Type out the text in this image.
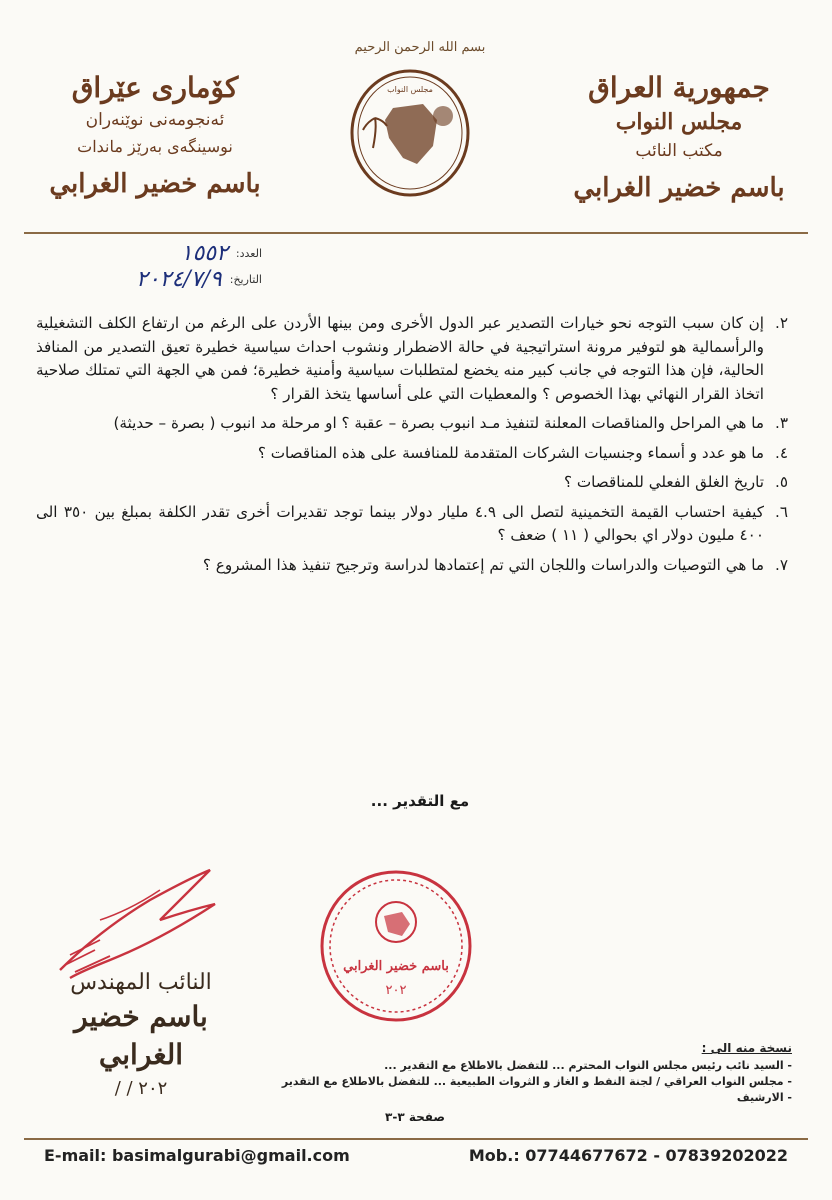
بسم الله الرحمن الرحيم
جمهورية العراق
مجلس النواب
مكتب النائب
باسم خضير الغرابي
كۆماری عێراق
ئەنجومەنی نوێنەران
نوسینگەی بەرێز ماندات
باسم خضير الغرابي
مجلس النواب
العدد:
١٥٥٢
التاريخ:
٢٠٢٤/٧/٩
٢.
إن كان سبب التوجه نحو خيارات التصدير عبر الدول الأخرى ومن بينها الأردن على الرغم من ارتفاع الكلف التشغيلية والرأسمالية هو لتوفير مرونة استراتيجية في حالة الاضطرار ونشوب احداث سياسية خطيرة تعيق التصدير من المنافذ الحالية، فإن هذا التوجه في جانب كبير منه يخضع لمتطلبات سياسية وأمنية خطيرة؛ فمن هي الجهة التي تمتلك صلاحية اتخاذ القرار النهائي بهذا الخصوص ؟ والمعطيات التي على أساسها يتخذ القرار ؟
٣.
ما هي المراحل والمناقصات المعلنة لتنفيذ مـد انبوب بصرة – عقبة ؟ او مرحلة مد انبوب ( بصرة – حديثة)
٤.
ما هو عدد و أسماء وجنسيات الشركات المتقدمة للمنافسة على هذه المناقصات ؟
٥.
تاريخ الغلق الفعلي للمناقصات ؟
٦.
كيفية احتساب القيمة التخمينية لتصل الى ٤.٩ مليار دولار بينما توجد تقديرات أخرى تقدر الكلفة بمبلغ بين ٣٥٠ الى ٤٠٠ مليون دولار اي بحوالي ( ١١ ) ضعف ؟
٧.
ما هي التوصيات والدراسات واللجان التي تم إعتمادها لدراسة وترجيح تنفيذ هذا المشروع ؟
مع التقدير ...
باسم خضير الغرابي
٢٠٢
النائب المهندس
باسم خضير الغرابي
٢٠٢ / /
نسخة منه الى :
- السيد نائب رئيس مجلس النواب المحترم ... للتفضل بالاطلاع مع التقدير ...
- مجلس النواب العراقي / لجنة النفط و الغاز و الثروات الطبيعية ... للتفضل بالاطلاع مع التقدير
- الارشيف
صفحة ٣-٣
E-mail: basimalgurabi@gmail.com	Mob.: 07744677672 - 07839202022
